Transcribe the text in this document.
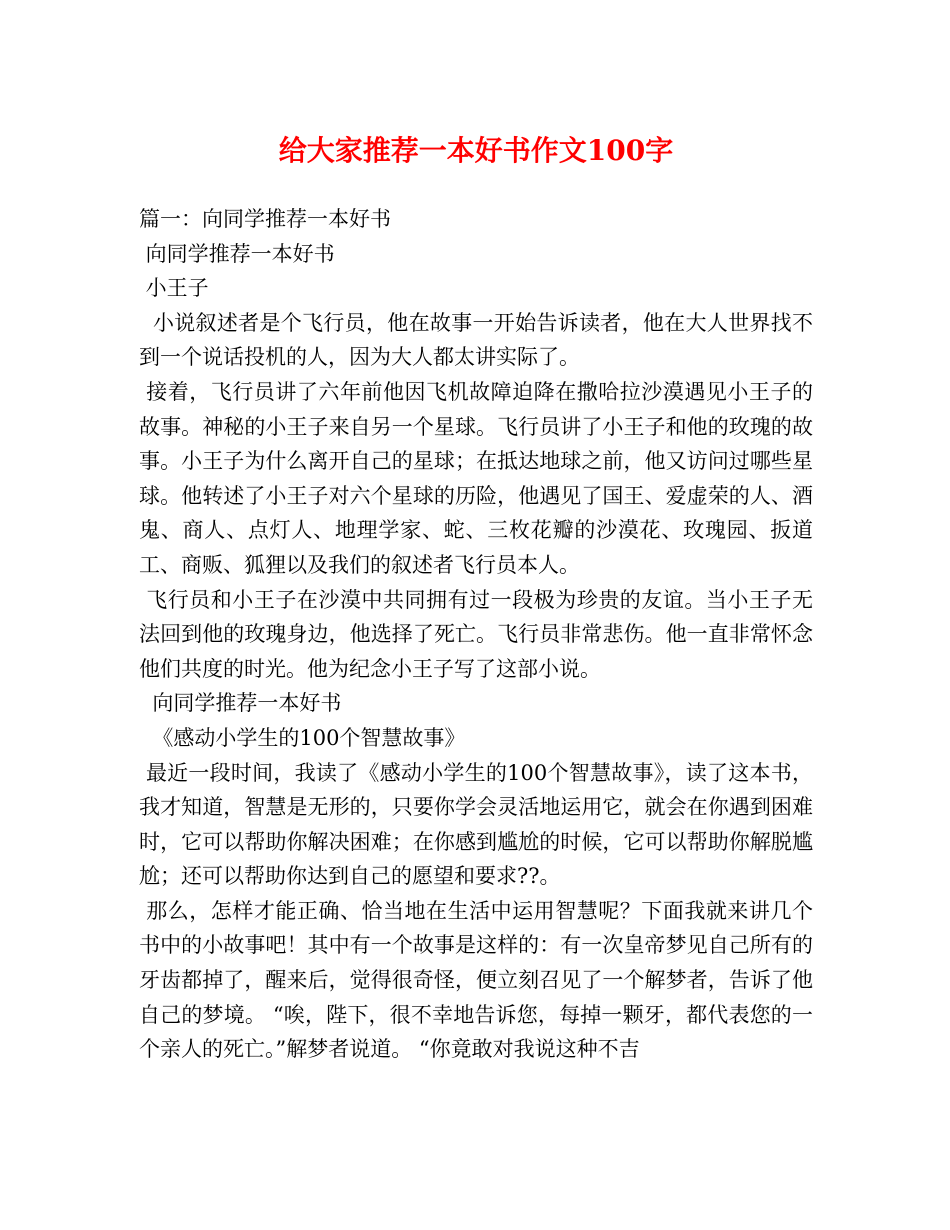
给大家推荐一本好书作文100字
篇一：向同学推荐一本好书
向同学推荐一本好书
小王子

小说叙述者是个飞行员，他在故事一开始告诉读者，他在大人世界找不到一个说话投机的人，因为大人都太讲实际了。

接着，飞行员讲了六年前他因飞机故障迫降在撒哈拉沙漠遇见小王子的故事。神秘的小王子来自另一个星球。飞行员讲了小王子和他的玫瑰的故事。小王子为什么离开自己的星球；在抵达地球之前，他又访问过哪些星球。他转述了小王子对六个星球的历险，他遇见了国王、爱虚荣的人、酒鬼、商人、点灯人、地理学家、蛇、三枚花瓣的沙漠花、玫瑰园、扳道工、商贩、狐狸以及我们的叙述者飞行员本人。

飞行员和小王子在沙漠中共同拥有过一段极为珍贵的友谊。当小王子无法回到他的玫瑰身边，他选择了死亡。飞行员非常悲伤。他一直非常怀念他们共度的时光。他为纪念小王子写了这部小说。

向同学推荐一本好书
《感动小学生的100个智慧故事》

最近一段时间，我读了《感动小学生的100个智慧故事》，读了这本书，我才知道，智慧是无形的，只要你学会灵活地运用它，就会在你遇到困难时，它可以帮助你解决困难；在你感到尴尬的时候，它可以帮助你解脱尴尬；还可以帮助你达到自己的愿望和要求??。

那么，怎样才能正确、恰当地在生活中运用智慧呢？下面我就来讲几个书中的小故事吧！其中有一个故事是这样的：有一次皇帝梦见自己所有的牙齿都掉了，醒来后，觉得很奇怪，便立刻召见了一个解梦者，告诉了他自己的梦境。 “唉，陛下，很不幸地告诉您，每掉一颗牙，都代表您的一个亲人的死亡。”解梦者说道。 “你竟敢对我说这种不吉
